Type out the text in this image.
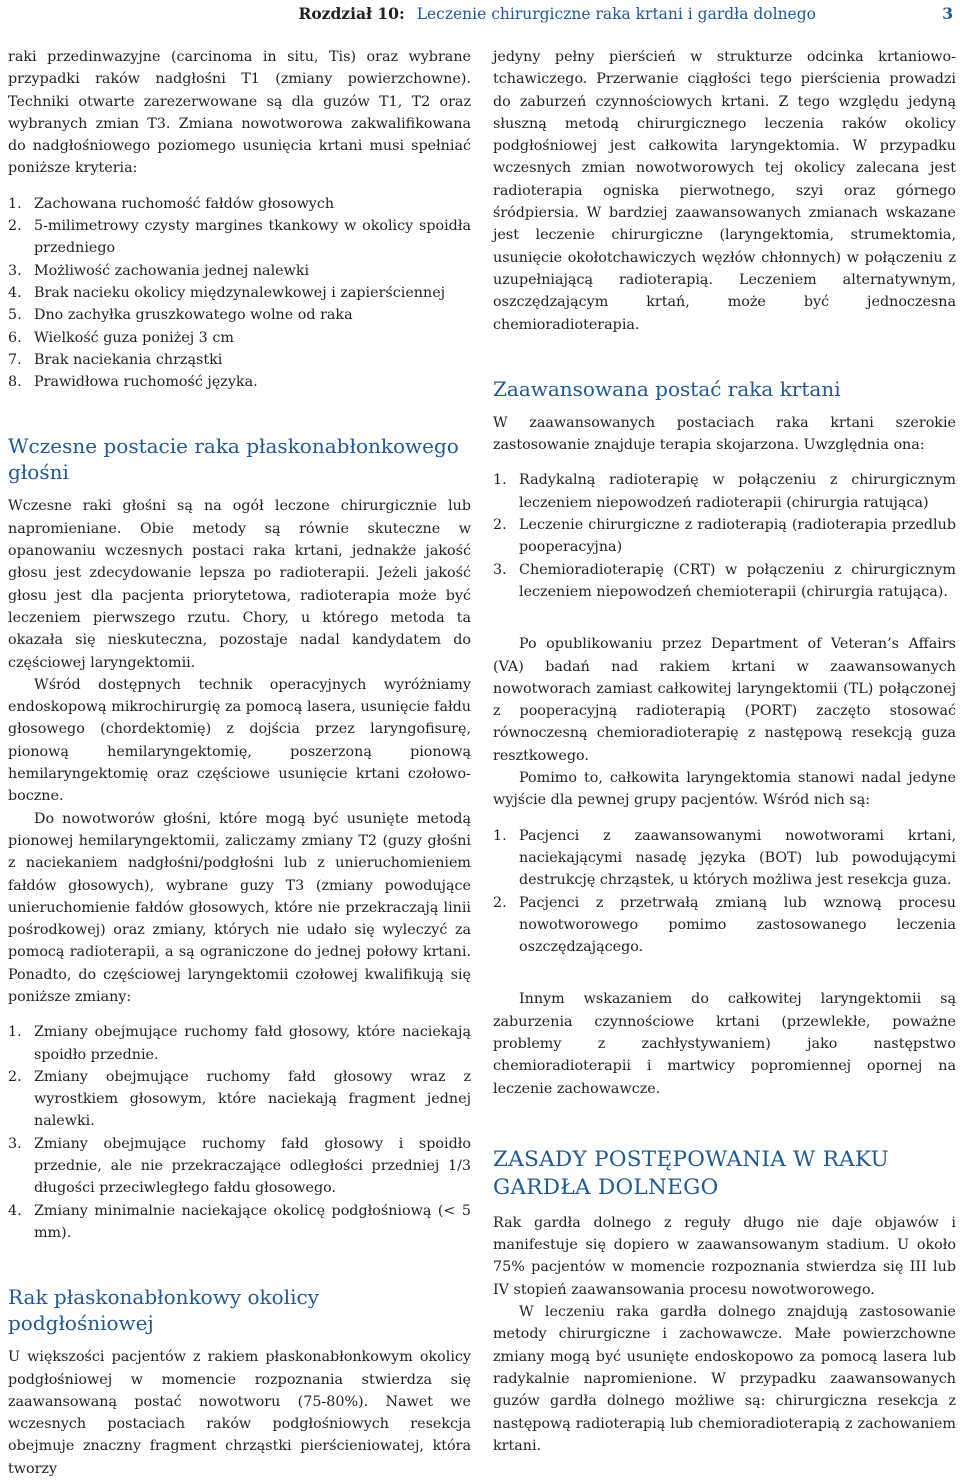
Rozdział 10: Leczenie chirurgiczne raka krtani i gardła dolnego	3

raki przedinwazyjne (carcinoma in situ, Tis) oraz wybrane przypadki raków nadgłośni T1 (zmiany powierzchowne). Techniki otwarte zarezerwowane są dla guzów T1, T2 oraz wybranych zmian T3. Zmiana nowotworowa zakwalifikowana do nadgłośniowego poziomego usunięcia krtani musi spełniać poniższe kryteria:

1. Zachowana ruchomość fałdów głosowych
2. 5-milimetrowy czysty margines tkankowy w okolicy spoidła przedniego
3. Możliwość zachowania jednej nalewki
4. Brak nacieku okolicy międzynalewkowej i zapierściennej
5. Dno zachyłka gruszkowatego wolne od raka
6. Wielkość guza poniżej 3 cm
7. Brak naciekania chrząstki
8. Prawidłowa ruchomość języka.
Wczesne postacie raka płaskonabłonkowego głośni

Wczesne raki głośni są na ogół leczone chirurgicznie lub napromieniane. Obie metody są równie skuteczne w opanowaniu wczesnych postaci raka krtani, jednakże jakość głosu jest zdecydowanie lepsza po radioterapii. Jeżeli jakość głosu jest dla pacjenta priorytetowa, radioterapia może być leczeniem pierwszego rzutu. Chory, u którego metoda ta okazała się nieskuteczna, pozostaje nadal kandydatem do częściowej laryngektomii.

Wśród dostępnych technik operacyjnych wyróżniamy endoskopową mikrochirurgię za pomocą lasera, usunięcie fałdu głosowego (chordektomię) z dojścia przez laryngofisurę, pionową hemilaryngektomię, poszerzoną pionową hemilaryngektomię oraz częściowe usunięcie krtani czołowo-boczne.

Do nowotworów głośni, które mogą być usunięte metodą pionowej hemilaryngektomii, zaliczamy zmiany T2 (guzy głośni z naciekaniem nadgłośni/podgłośni lub z unieruchomieniem fałdów głosowych), wybrane guzy T3 (zmiany powodujące unieruchomienie fałdów głosowych, które nie przekraczają linii pośrodkowej) oraz zmiany, których nie udało się wyleczyć za pomocą radioterapii, a są ograniczone do jednej połowy krtani. Ponadto, do częściowej laryngektomii czołowej kwalifikują się poniższe zmiany:

1. Zmiany obejmujące ruchomy fałd głosowy, które naciekają spoidło przednie.
2. Zmiany obejmujące ruchomy fałd głosowy wraz z wyrostkiem głosowym, które naciekają fragment jednej nalewki.
3. Zmiany obejmujące ruchomy fałd głosowy i spoidło przednie, ale nie przekraczające odległości przedniej 1/3 długości przeciwległego fałdu głosowego.
4. Zmiany minimalnie naciekające okolicę podgłośniową (< 5 mm).
Rak płaskonabłonkowy okolicy podgłośniowej

U większości pacjentów z rakiem płaskonabłonkowym okolicy podgłośniowej w momencie rozpoznania stwierdza się zaawansowaną postać nowotworu (75-80%). Nawet we wczesnych postaciach raków podgłośniowych resekcja obejmuje znaczny fragment chrząstki pierścieniowatej, która tworzy

jedyny pełny pierścień w strukturze odcinka krtaniowo-tchawiczego. Przerwanie ciągłości tego pierścienia prowadzi do zaburzeń czynnościowych krtani. Z tego względu jedyną słuszną metodą chirurgicznego leczenia raków okolicy podgłośniowej jest całkowita laryngektomia. W przypadku wczesnych zmian nowotworowych tej okolicy zalecana jest radioterapia ogniska pierwotnego, szyi oraz górnego śródpiersia. W bardziej zaawansowanych zmianach wskazane jest leczenie chirurgiczne (laryngektomia, strumektomia, usunięcie okołotchawiczych węzłów chłonnych) w połączeniu z uzupełniającą radioterapią. Leczeniem alternatywnym, oszczędzającym krtań, może być jednoczesna chemioradioterapia.

Zaawansowana postać raka krtani

W zaawansowanych postaciach raka krtani szerokie zastosowanie znajduje terapia skojarzona. Uwzględnia ona:

1. Radykalną radioterapię w połączeniu z chirurgicznym leczeniem niepowodzeń radioterapii (chirurgia ratująca)
2. Leczenie chirurgiczne z radioterapią (radioterapia przedlub pooperacyjna)
3. Chemioradioterapię (CRT) w połączeniu z chirurgicznym leczeniem niepowodzeń chemioterapii (chirurgia ratująca).

Po opublikowaniu przez Department of Veteran’s Affairs (VA) badań nad rakiem krtani w zaawansowanych nowotworach zamiast całkowitej laryngektomii (TL) połączonej z pooperacyjną radioterapią (PORT) zaczęto stosować równoczesną chemioradioterapię z następową resekcją guza resztkowego.

Pomimo to, całkowita laryngektomia stanowi nadal jedyne wyjście dla pewnej grupy pacjentów. Wśród nich są:

1. Pacjenci z zaawansowanymi nowotworami krtani, naciekającymi nasadę języka (BOT) lub powodującymi destrukcję chrząstek, u których możliwa jest resekcja guza.
2. Pacjenci z przetrwałą zmianą lub wznową procesu nowotworowego pomimo zastosowanego leczenia oszczędzającego.

Innym wskazaniem do całkowitej laryngektomii są zaburzenia czynnościowe krtani (przewlekłe, poważne problemy z zachłystywaniem) jako następstwo chemioradioterapii i martwicy popromiennej opornej na leczenie zachowawcze.

ZASADY POSTĘPOWANIA W RAKU GARDŁA DOLNEGO

Rak gardła dolnego z reguły długo nie daje objawów i manifestuje się dopiero w zaawansowanym stadium. U około 75% pacjentów w momencie rozpoznania stwierdza się III lub IV stopień zaawansowania procesu nowotworowego.

W leczeniu raka gardła dolnego znajdują zastosowanie metody chirurgiczne i zachowawcze. Małe powierzchowne zmiany mogą być usunięte endoskopowo za pomocą lasera lub radykalnie napromienione. W przypadku zaawansowanych guzów gardła dolnego możliwe są: chirurgiczna resekcja z następową radioterapią lub chemioradioterapią z zachowaniem krtani.
